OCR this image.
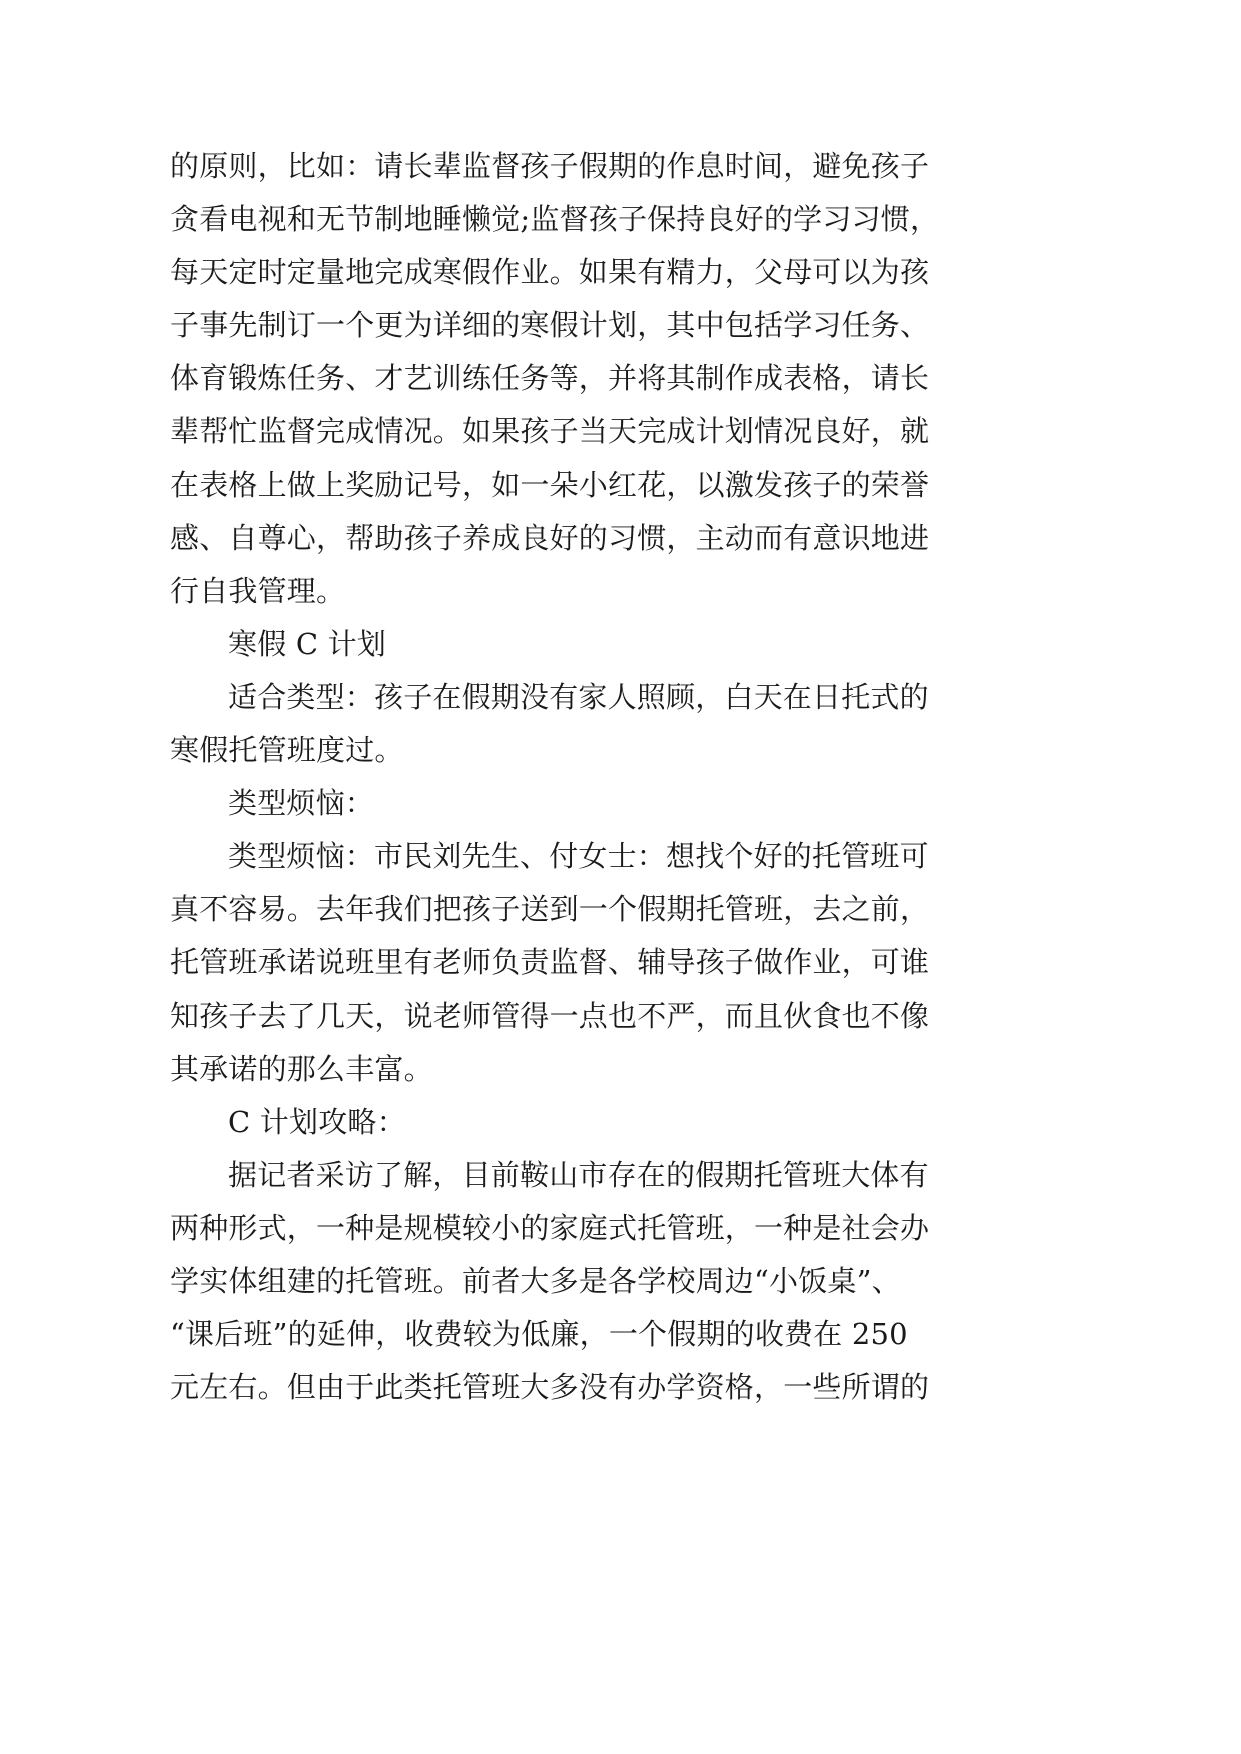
的原则，比如：请长辈监督孩子假期的作息时间，避免孩子
贪看电视和无节制地睡懒觉;监督孩子保持良好的学习习惯，
每天定时定量地完成寒假作业。如果有精力，父母可以为孩
子事先制订一个更为详细的寒假计划，其中包括学习任务、
体育锻炼任务、才艺训练任务等，并将其制作成表格，请长
辈帮忙监督完成情况。如果孩子当天完成计划情况良好，就
在表格上做上奖励记号，如一朵小红花，以激发孩子的荣誉
感、自尊心，帮助孩子养成良好的习惯，主动而有意识地进
行自我管理。
寒假 C 计划
适合类型：孩子在假期没有家人照顾，白天在日托式的
寒假托管班度过。
类型烦恼：
类型烦恼：市民刘先生、付女士：想找个好的托管班可
真不容易。去年我们把孩子送到一个假期托管班，去之前，
托管班承诺说班里有老师负责监督、辅导孩子做作业，可谁
知孩子去了几天，说老师管得一点也不严，而且伙食也不像
其承诺的那么丰富。
C 计划攻略：
据记者采访了解，目前鞍山市存在的假期托管班大体有
两种形式，一种是规模较小的家庭式托管班，一种是社会办
学实体组建的托管班。前者大多是各学校周边“小饭桌”、
“课后班”的延伸，收费较为低廉，一个假期的收费在 250
元左右。但由于此类托管班大多没有办学资格，一些所谓的
